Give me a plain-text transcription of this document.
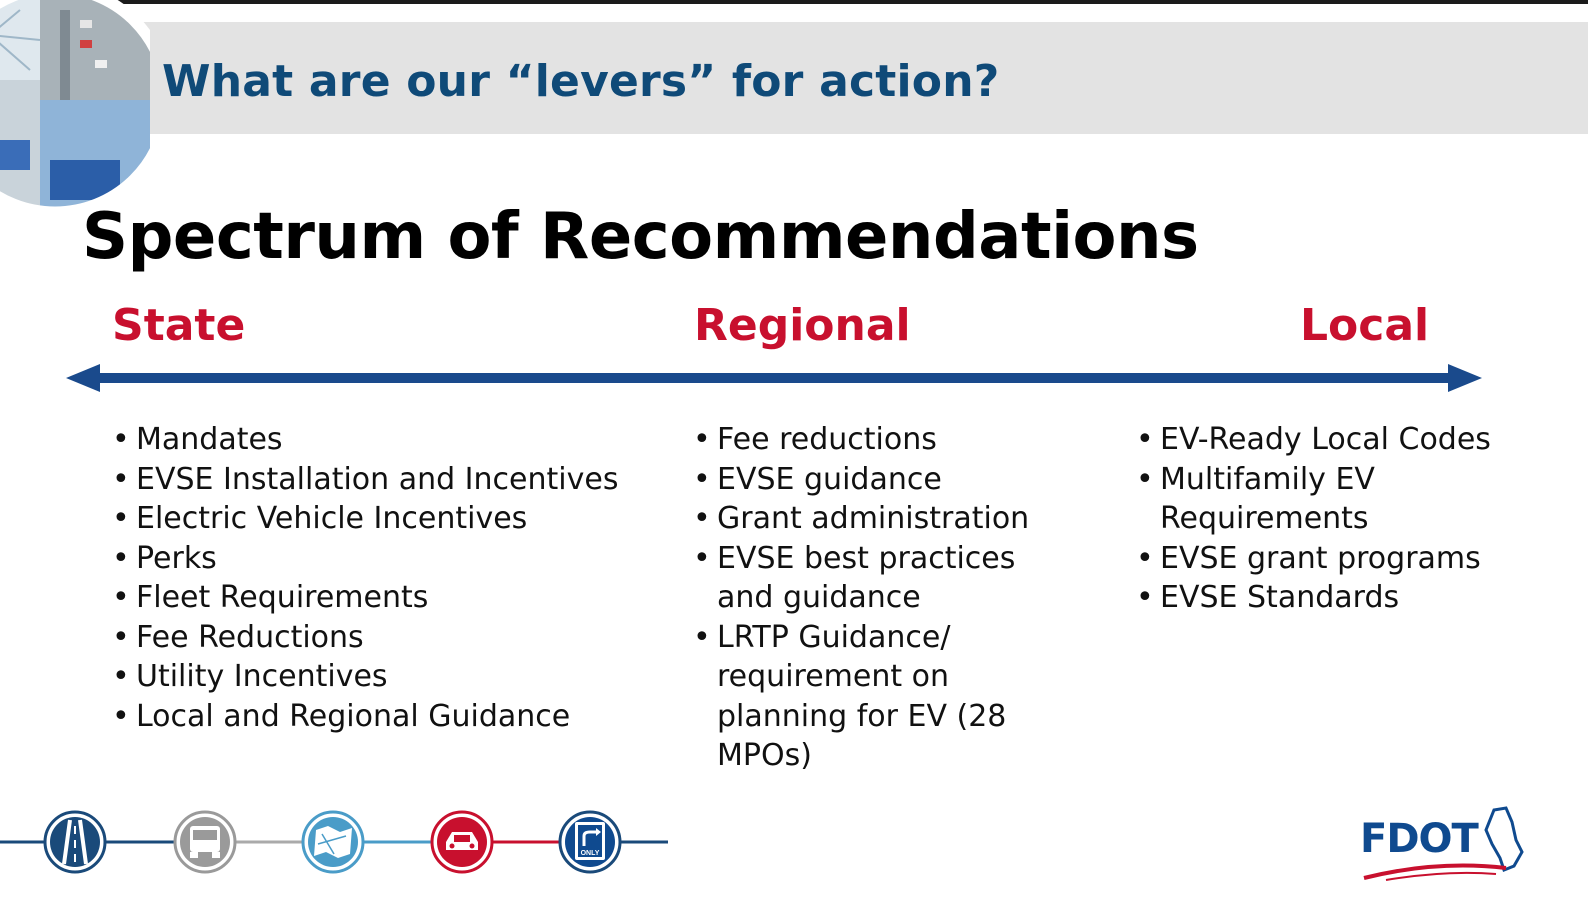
What are our “levers” for action?
Spectrum of Recommendations
State	Regional	Local
• Mandates
• EVSE Installation and Incentives
• Electric Vehicle Incentives
• Perks
• Fleet Requirements
• Fee Reductions
• Utility Incentives
• Local and Regional Guidance
• Fee reductions
• EVSE guidance
• Grant administration
• EVSE best practices and guidance
• LRTP Guidance/ requirement on planning for EV (28 MPOs)
• EV-Ready Local Codes
• Multifamily EV Requirements
• EVSE grant programs
• EVSE Standards
ONLY	FDOT
